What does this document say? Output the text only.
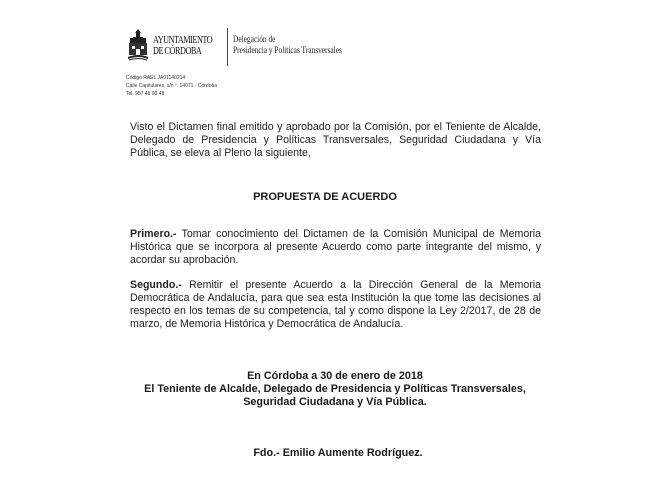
AYUNTAMIENTO
DE CÓRDOBA
Delegación de
Presidencia y Políticas Transversales
Código RAEL JA01140214
Calle Capitulares, s/n º. 14071 - Córdoba
Tel. 957 49 99 48

Visto el Dictamen final emitido y aprobado por la Comisión, por el Teniente de Alcalde, Delegado de Presidencia y Políticas Transversales, Seguridad Ciudadana y Vía Pública, se eleva al Pleno la siguiente,

PROPUESTA DE ACUERDO

Primero.- Tomar conocimiento del Dictamen de la Comisión Municipal de Memoria Histórica que se incorpora al presente Acuerdo como parte integrante del mismo, y acordar su aprobación.

Segundo.- Remitir el presente Acuerdo a la Dirección General de la Memoria Democrática de Andalucía, para que sea esta Institución la que tome las decisiones al respecto en los temas de su competencia, tal y como dispone la Ley 2/2017, de 28 de marzo, de Memoria Histórica y Democrática de Andalucía.

En Córdoba a 30 de enero de 2018
El Teniente de Alcalde, Delegado de Presidencia y Políticas Transversales,
Seguridad Ciudadana y Vía Pública.
Fdo.- Emilio Aumente Rodríguez.
